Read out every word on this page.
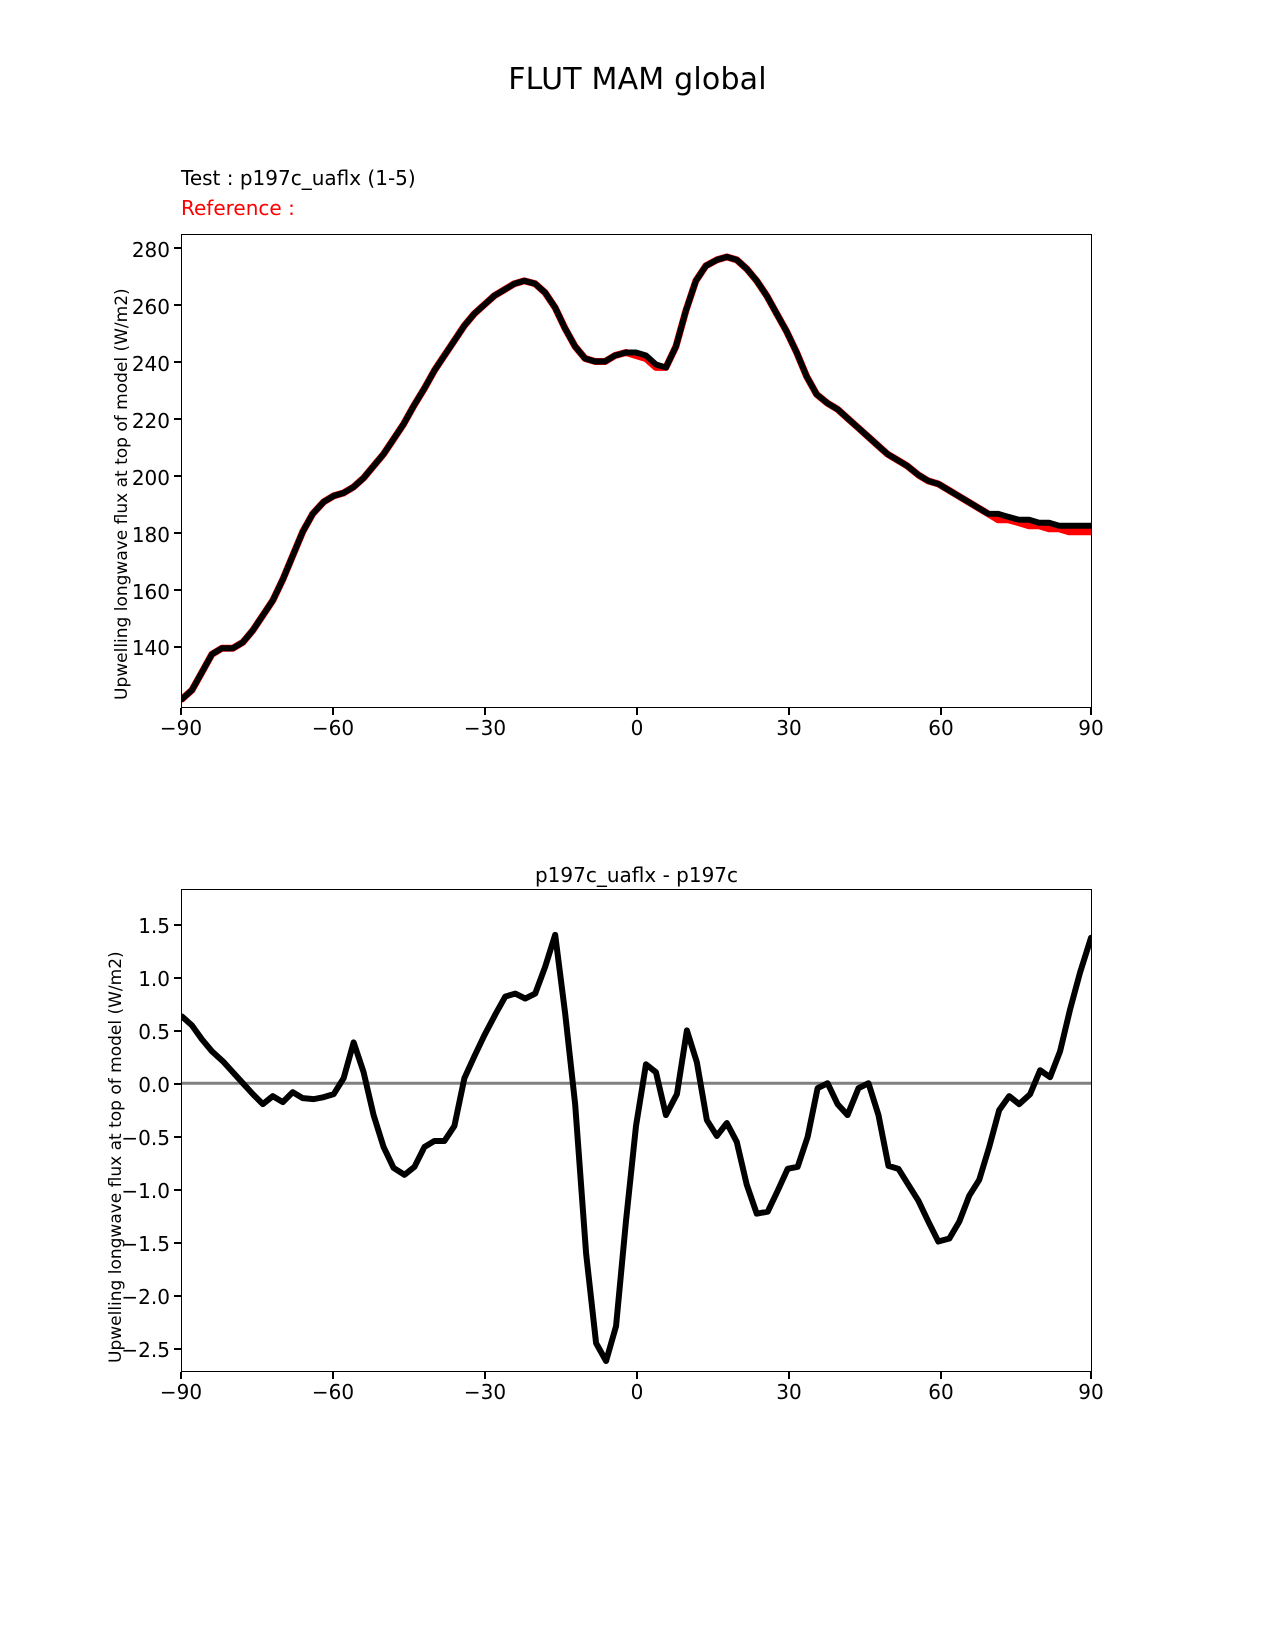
FLUT MAM global
Test : p197c_uaflx (1-5)
Reference :
Upwelling longwave flux at top of model (W/m2) 140
160
180
200
220
240
260
280
−90	−60	−30	0	30	60	90
p197c_uaflx - p197c
Upwelling longwave flux at top of model (W/m2)
−2.5
−2.0
−1.5
−1.0
−0.5
0.0
0.5
1.0
1.5
−90	−60	−30	0	30	60	90
